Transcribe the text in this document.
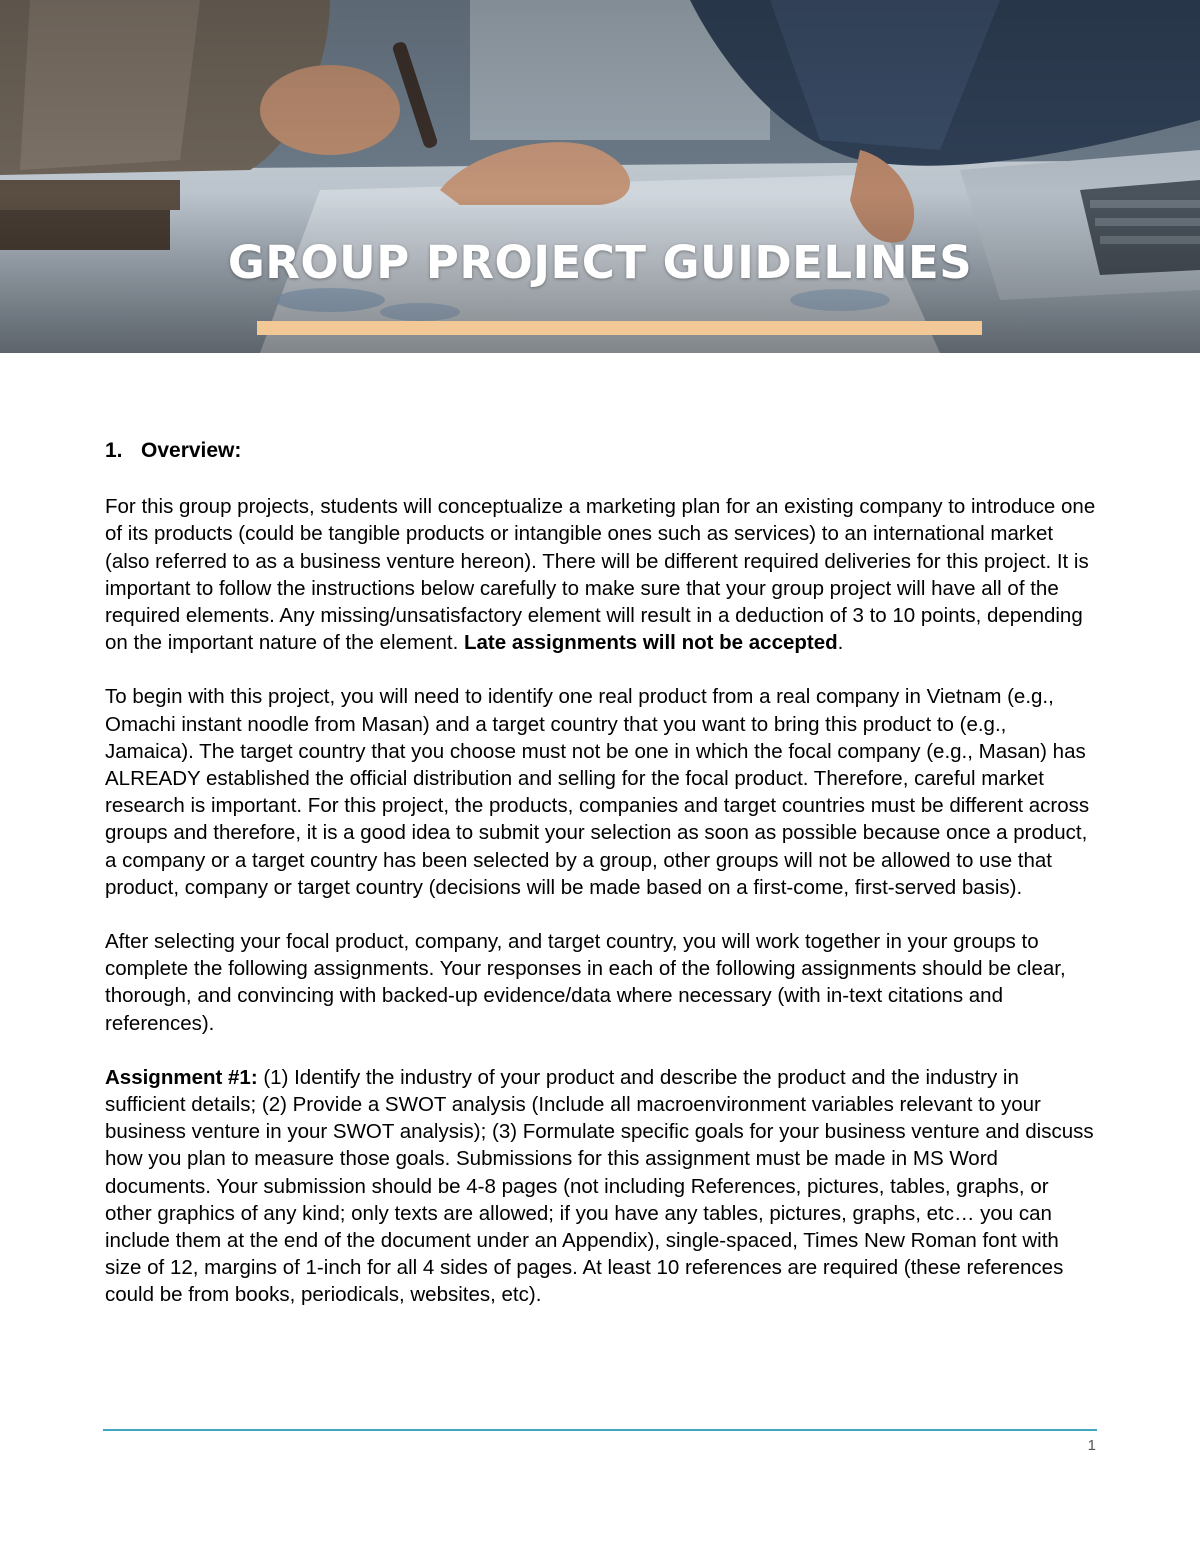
GROUP PROJECT GUIDELINES
1. Overview:

For this group projects, students will conceptualize a marketing plan for an existing company to introduce one of its products (could be tangible products or intangible ones such as services) to an international market (also referred to as a business venture hereon). There will be different required deliveries for this project. It is important to follow the instructions below carefully to make sure that your group project will have all of the required elements. Any missing/unsatisfactory element will result in a deduction of 3 to 10 points, depending on the important nature of the element. Late assignments will not be accepted.

To begin with this project, you will need to identify one real product from a real company in Vietnam (e.g., Omachi instant noodle from Masan) and a target country that you want to bring this product to (e.g., Jamaica). The target country that you choose must not be one in which the focal company (e.g., Masan) has ALREADY established the official distribution and selling for the focal product. Therefore, careful market research is important. For this project, the products, companies and target countries must be different across groups and therefore, it is a good idea to submit your selection as soon as possible because once a product, a company or a target country has been selected by a group, other groups will not be allowed to use that product, company or target country (decisions will be made based on a first-come, first-served basis).

After selecting your focal product, company, and target country, you will work together in your groups to complete the following assignments. Your responses in each of the following assignments should be clear, thorough, and convincing with backed-up evidence/data where necessary (with in-text citations and references).

Assignment #1: (1) Identify the industry of your product and describe the product and the industry in sufficient details; (2) Provide a SWOT analysis (Include all macroenvironment variables relevant to your business venture in your SWOT analysis); (3) Formulate specific goals for your business venture and discuss how you plan to measure those goals. Submissions for this assignment must be made in MS Word documents. Your submission should be 4-8 pages (not including References, pictures, tables, graphs, or other graphics of any kind; only texts are allowed; if you have any tables, pictures, graphs, etc… you can include them at the end of the document under an Appendix), single-spaced, Times New Roman font with size of 12, margins of 1-inch for all 4 sides of pages. At least 10 references are required (these references could be from books, periodicals, websites, etc).

1
